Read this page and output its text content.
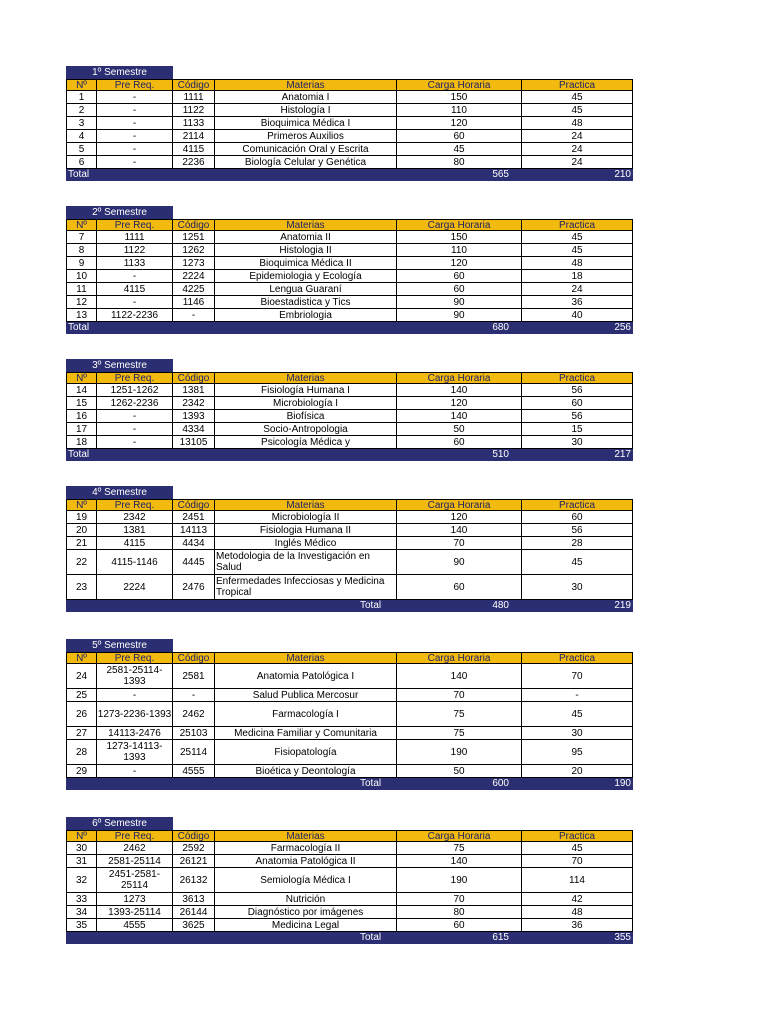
1º Semestre
Nº	Pre Req.	Código	Materias	Carga Horaria	Practica
1	-	1111	Anatomia I	150	45
2	-	1122	Histología I	110	45
3	-	1133	Bioquimica Médica I	120	48
4	-	2114	Primeros Auxilios	60	24
5	-	4115	Comunicación Oral y Escrita	45	24
6	-	2236	Biología Celular y Genética	80	24
Total	565	210
2º Semestre
Nº	Pre Req.	Código	Materias	Carga Horaria	Practica
7	1111	1251	Anatomia II	150	45
8	1122	1262	Histologia II	110	45
9	1133	1273	Bioquimica Médica II	120	48
10	-	2224	Epidemiologia y Ecología	60	18
11	4115	4225	Lengua Guaraní	60	24
12	-	1146	Bioestadistica y Tics	90	36
13	1122-2236	-	Embriologia	90	40
Total	680	256
3º Semestre
Nº	Pre Req.	Código	Materias	Carga Horaria	Practica
14	1251-1262	1381	Fisiología Humana I	140	56
15	1262-2236	2342	Microbiología I	120	60
16	-	1393	Biofísica	140	56
17	-	4334	Socio-Antropologia	50	15
18	-	13105	Psicología Médica y	60	30
Total	510	217
4º Semestre
Nº	Pre Req.	Código	Materias	Carga Horaria	Practica
19	2342	2451	Microbiología II	120	60
20	1381	14113	Fisiologia Humana II	140	56
21	4115	4434	Inglés Médico	70	28
22	4115-1146	4445	Metodologia de la Investigación en Salud	90	45
23	2224	2476	Enfermedades Infecciosas y Medicina Tropical	60	30
Total	480	219
5º Semestre
Nº	Pre Req.	Código	Materias	Carga Horaria	Practica
24	2581-25114-1393	2581	Anatomia Patológica I	140	70
25	-	-	Salud Publica Mercosur	70	-
26	1273-2236-1393	2462	Farmacología I	75	45
27	14113-2476	25103	Medicina Familiar y Comunitaria	75	30
28	1273-14113-1393	25114	Fisiopatología	190	95
29	-	4555	Bioética y Deontología	50	20
Total	600	190
6º Semestre
Nº	Pre Req.	Código	Materias	Carga Horaria	Practica
30	2462	2592	Farmacología II	75	45
31	2581-25114	26121	Anatomia Patológica II	140	70
32	2451-2581-25114	26132	Semiología Médica I	190	114
33	1273	3613	Nutrición	70	42
34	1393-25114	26144	Diagnóstico por imágenes	80	48
35	4555	3625	Medicina Legal	60	36
Total	615	355
